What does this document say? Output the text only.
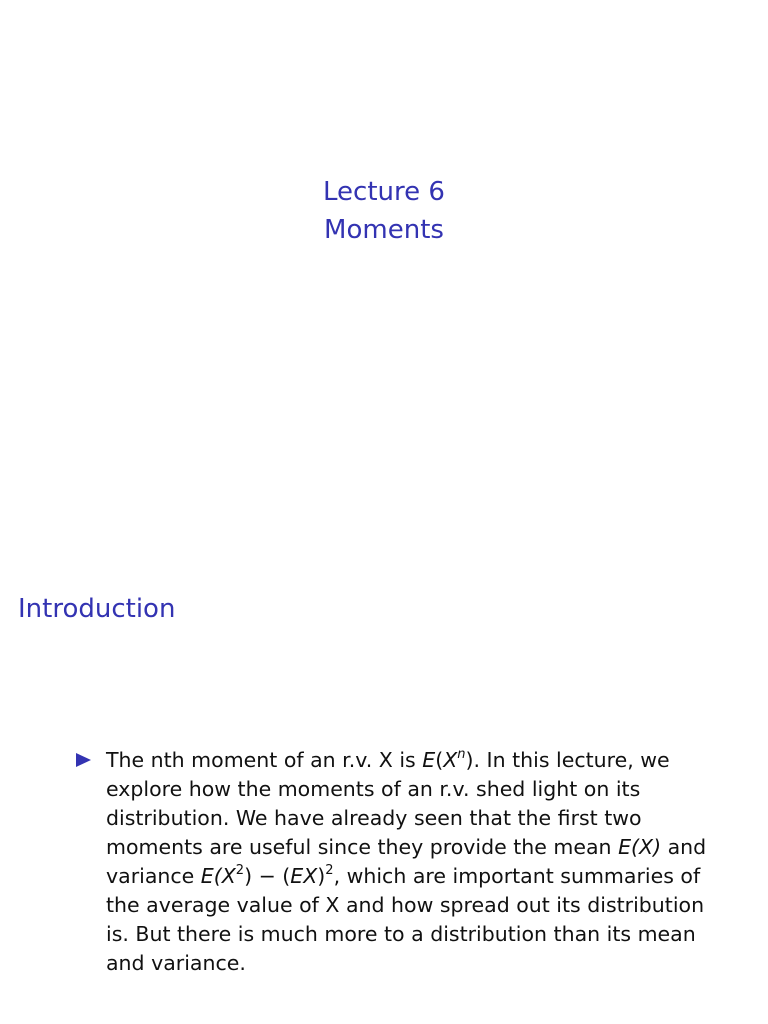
Lecture 6
Moments
Introduction
The nth moment of an r.v. X is $E(X^n)$. In this lecture, we explore how the moments of an r.v. shed light on its distribution. We have already seen that the first two moments are useful since they provide the mean E(X) and variance $E(X^2) - (EX)^2$, which are important summaries of the average value of X and how spread out its distribution is. But there is much more to a distribution than its mean and variance.
